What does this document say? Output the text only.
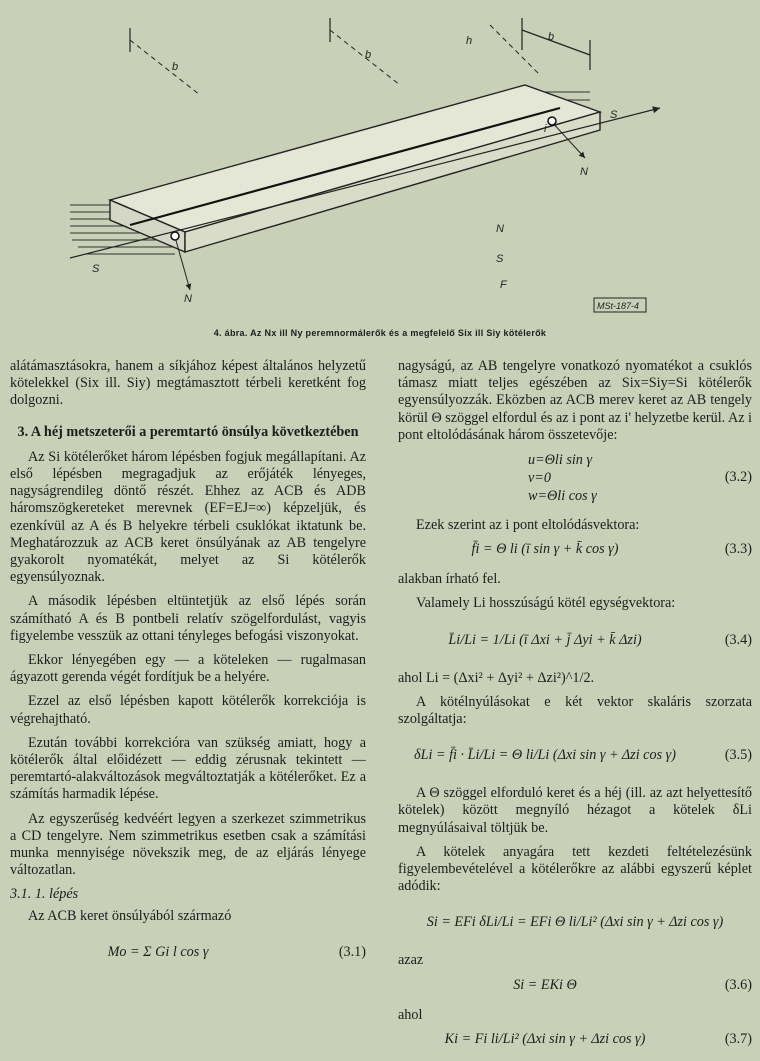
b
b
b
h
i
S
S
N
N
N
S
F
MSt-187-4
4. ábra. Az Nx ill Ny peremnormálerők és a megfelelő Six ill Siy kötélerők

alátámasztásokra, hanem a síkjához képest általános helyzetű kötelekkel (Six ill. Siy) megtámasztott térbeli keretként fog dolgozni.

3. A héj metszeterői a peremtartó önsúlya következtében

Az Si kötélerőket három lépésben fogjuk megállapítani. Az első lépésben megragadjuk az erőjáték lényeges, nagyságrendileg döntő részét. Ehhez az ACB és ADB háromszögkereteket merevnek (EF=EJ=∞) képzeljük, és ezenkívül az A és B helyekre térbeli csuklókat iktatunk be. Meghatározzuk az ACB keret önsúlyának az AB tengelyre gyakorolt nyomatékát, melyet az Si kötélerők egyensúlyoznak.

A második lépésben eltüntetjük az első lépés során számítható A és B pontbeli relatív szögelfordulást, vagyis figyelembe vesszük az ottani tényleges befogási viszonyokat.

Ekkor lényegében egy — a köteleken — rugalmasan ágyazott gerenda végét fordítjuk be a helyére.

Ezzel az első lépésben kapott kötélerők korrekciója is végrehajtható.

Ezután további korrekcióra van szükség amiatt, hogy a kötélerők által előidézett — eddig zérusnak tekintett — peremtartó-alakváltozások megváltoztatják a kötélerőket. Ez a számítás harmadik lépése.

Az egyszerűség kedvéért legyen a szerkezet szimmetrikus a CD tengelyre. Nem szimmetrikus esetben csak a számítási munka mennyisége növekszik meg, de az eljárás lényege változatlan.

3.1. 1. lépés

Az ACB keret önsúlyából származó

Mo = Σ Gi l cos γ	(3.1)

nagyságú, az AB tengelyre vonatkozó nyomatékot a csuklós támasz miatt teljes egészében az Six=Siy=Si kötélerők egyensúlyozzák. Eközben az ACB merev keret az AB tengely körül Θ szöggel elfordul és az i pont az i' helyzetbe kerül. Az i pont eltolódásának három összetevője:

u=Θli sin γ
v=0
w=Θli cos γ
(3.2)

Ezek szerint az i pont eltolódásvektora:

f̄i = Θ li (ī sin γ + k̄ cos γ)	(3.3)

alakban írható fel.

Valamely Li hosszúságú kötél egységvektora:

L̄i/Li = 1/Li (ī Δxi + j̄ Δyi + k̄ Δzi)	(3.4)

ahol Li = (Δxi² + Δyi² + Δzi²)^1/2.

A kötélnyúlásokat e két vektor skaláris szorzata szolgáltatja:

δLi = f̄i · L̄i/Li = Θ li/Li (Δxi sin γ + Δzi cos γ)	(3.5)

A Θ szöggel elforduló keret és a héj (ill. az azt helyettesítő kötelek) között megnyíló hézagot a kötelek δLi megnyúlásaival töltjük be.

A kötelek anyagára tett kezdeti feltételezésünk figyelembevételével a kötélerőkre az alábbi egyszerű képlet adódik:

Si = EFi δLi/Li = EFi Θ li/Li² (Δxi sin γ + Δzi cos γ)

azaz

Si = EKi Θ	(3.6)

ahol

Ki = Fi li/Li² (Δxi sin γ + Δzi cos γ)	(3.7)
